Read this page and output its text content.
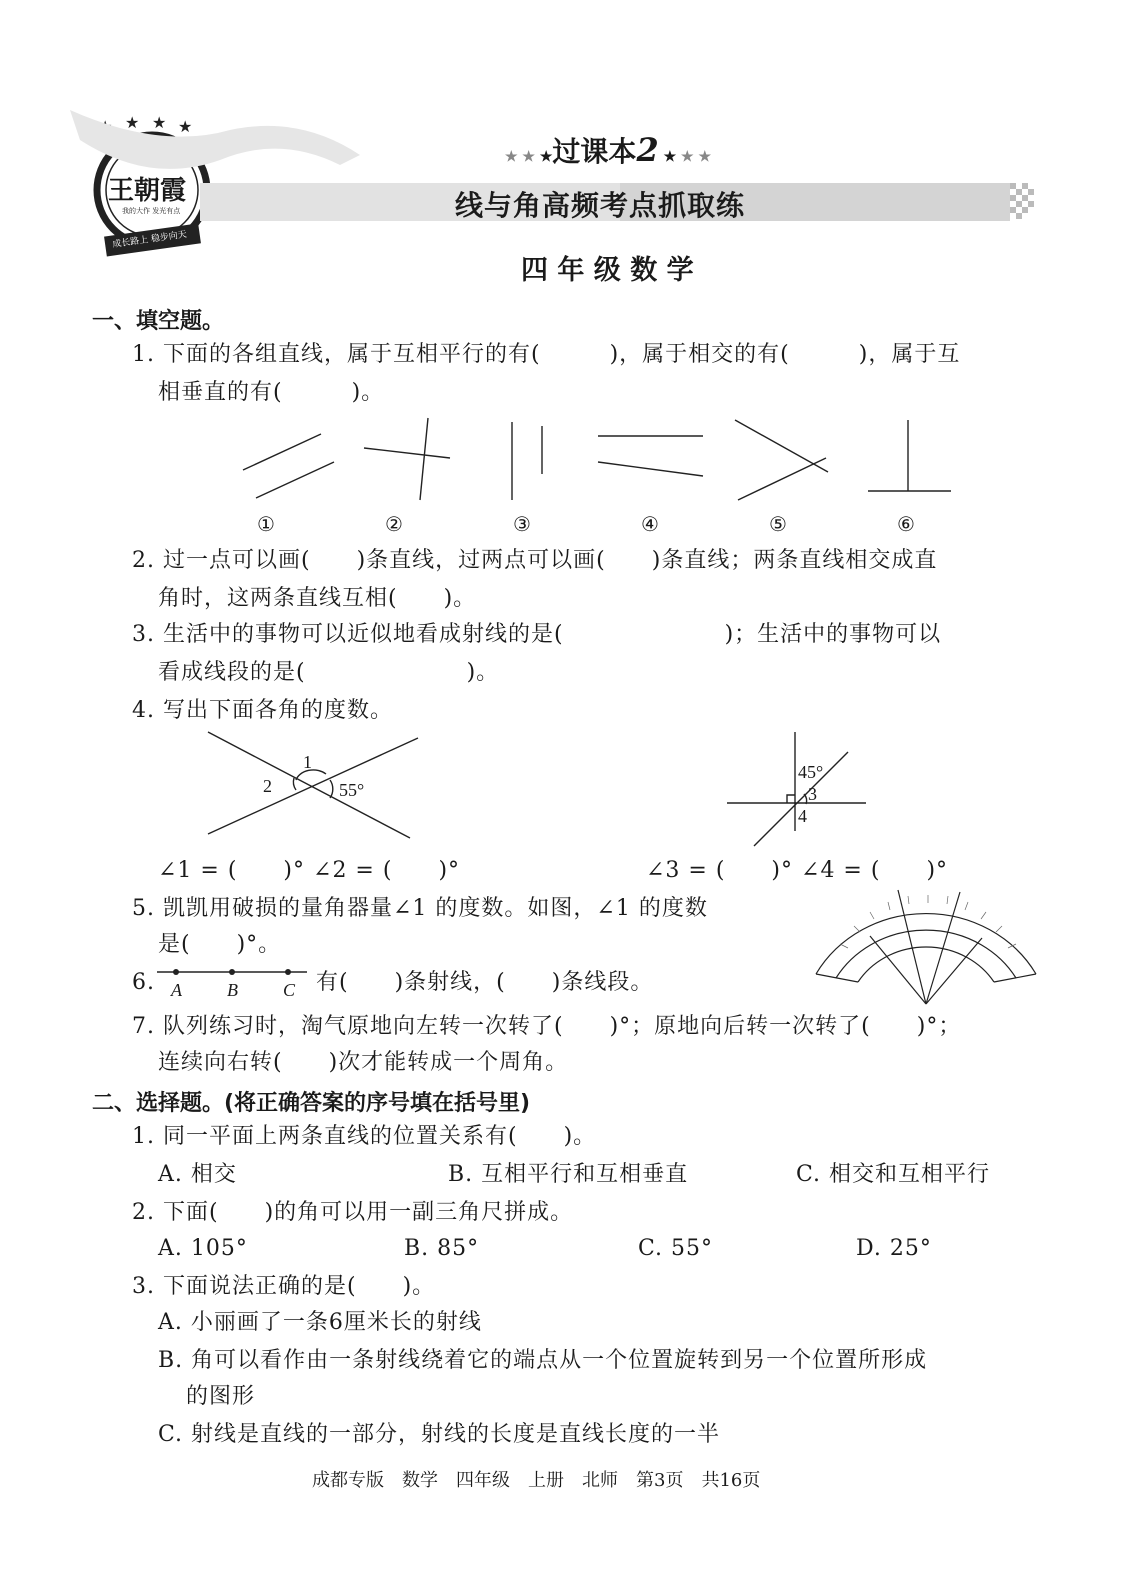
★ ★ ★
王朝霞
我的大作 发光有点
成长路上 稳步向天
★ ★ ★过课本2 ★ ★ ★
线与角高频考点抓取练
四 年 级 数 学
一、填空题。
1. 下面的各组直线，属于互相平行的有(　　　)，属于相交的有(　　　)，属于互
相垂直的有(　　　)。
①	②	③	④	⑤	⑥
2. 过一点可以画(　　)条直线，过两点可以画(　　)条直线；两条直线相交成直
角时，这两条直线互相(　　)。
3. 生活中的事物可以近似地看成射线的是(　　　　　　　)；生活中的事物可以
看成线段的是(　　　　　　　)。
4. 写出下面各角的度数。
1
2	55°
45°
3
4
∠1 = (　　)° ∠2 = (　　)°	∠3 = (　　)° ∠4 = (　　)°
5. 凯凯用破损的量角器量∠1 的度数。如图，∠1 的度数
是(　　)°。
6. A	B	C 有(　　)条射线，(　　)条线段。
7. 队列练习时，淘气原地向左转一次转了(　　)°；原地向后转一次转了(　　)°；
连续向右转(　　)次才能转成一个周角。
二、选择题。(将正确答案的序号填在括号里)
1. 同一平面上两条直线的位置关系有(　　)。
A. 相交	B. 互相平行和互相垂直	C. 相交和互相平行
2. 下面(　　)的角可以用一副三角尺拼成。
A. 105°	B. 85°	C. 55°	D. 25°
3. 下面说法正确的是(　　)。
A. 小丽画了一条6厘米长的射线
B. 角可以看作由一条射线绕着它的端点从一个位置旋转到另一个位置所形成
的图形
C. 射线是直线的一部分，射线的长度是直线长度的一半
成都专版　数学　四年级　上册　北师　第3页　共16页
